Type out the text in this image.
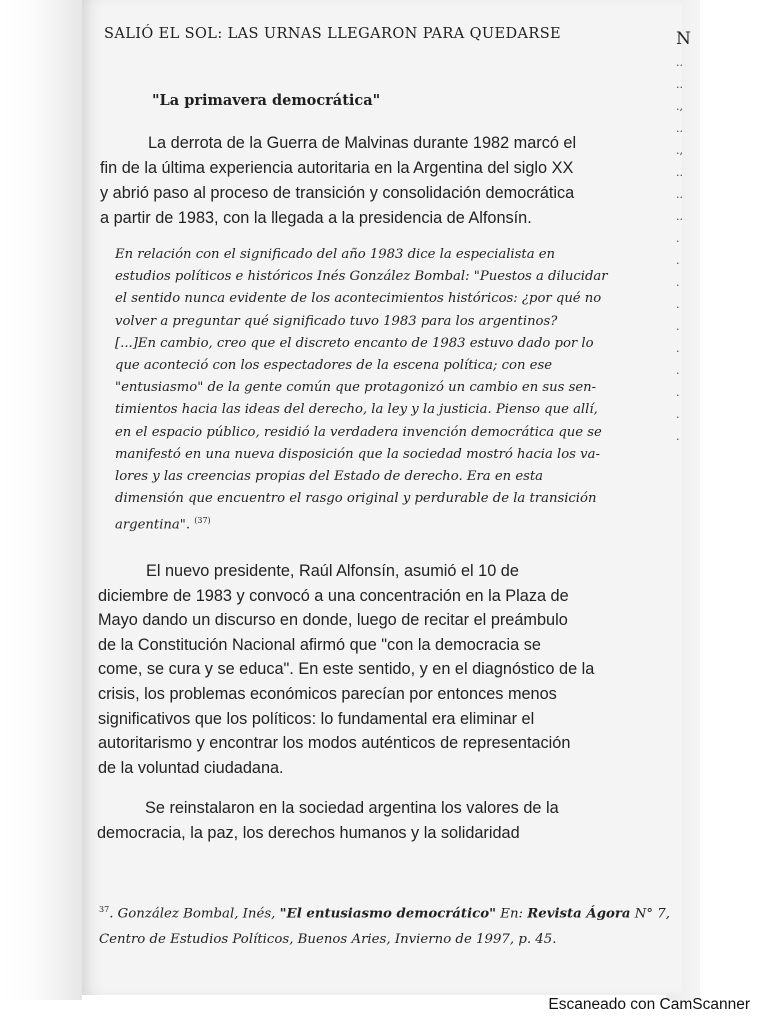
N
..
..
.,
..
.,
..
..
..
.
.
.
.
.
.
.
.
.
.
SALIÓ EL SOL: LAS URNAS LLEGARON PARA QUEDARSE
"La primavera democrática"
La derrota de la Guerra de Malvinas durante 1982 marcó el
fin de la última experiencia autoritaria en la Argentina del siglo XX
y abrió paso al proceso de transición y consolidación democrática
a partir de 1983, con la llegada a la presidencia de Alfonsín.
En relación con el significado del año 1983 dice la especialista en
estudios políticos e históricos Inés González Bombal: "Puestos a dilucidar
el sentido nunca evidente de los acontecimientos históricos: ¿por qué no
volver a preguntar qué significado tuvo 1983 para los argentinos?
[...]En cambio, creo que el discreto encanto de 1983 estuvo dado por lo
que aconteció con los espectadores de la escena política; con ese
"entusiasmo" de la gente común que protagonizó un cambio en sus sen-
timientos hacia las ideas del derecho, la ley y la justicia. Pienso que allí,
en el espacio público, residió la verdadera invención democrática que se
manifestó en una nueva disposición que la sociedad mostró hacia los va-
lores y las creencias propias del Estado de derecho. Era en esta
dimensión que encuentro el rasgo original y perdurable de la transición
argentina". $^{(37)}$
El nuevo presidente, Raúl Alfonsín, asumió el 10 de
diciembre de 1983 y convocó a una concentración en la Plaza de
Mayo dando un discurso en donde, luego de recitar el preámbulo
de la Constitución Nacional afirmó que "con la democracia se
come, se cura y se educa". En este sentido, y en el diagnóstico de la
crisis, los problemas económicos parecían por entonces menos
significativos que los políticos: lo fundamental era eliminar el
autoritarismo y encontrar los modos auténticos de representación
de la voluntad ciudadana.
Se reinstalaron en la sociedad argentina los valores de la
democracia, la paz, los derechos humanos y la solidaridad
$^{37}$. González Bombal, Inés, "El entusiasmo democrático" En: Revista Ágora N° 7,
Centro de Estudios Políticos, Buenos Aries, Invierno de 1997, p. 45.
Escaneado con CamScanner
